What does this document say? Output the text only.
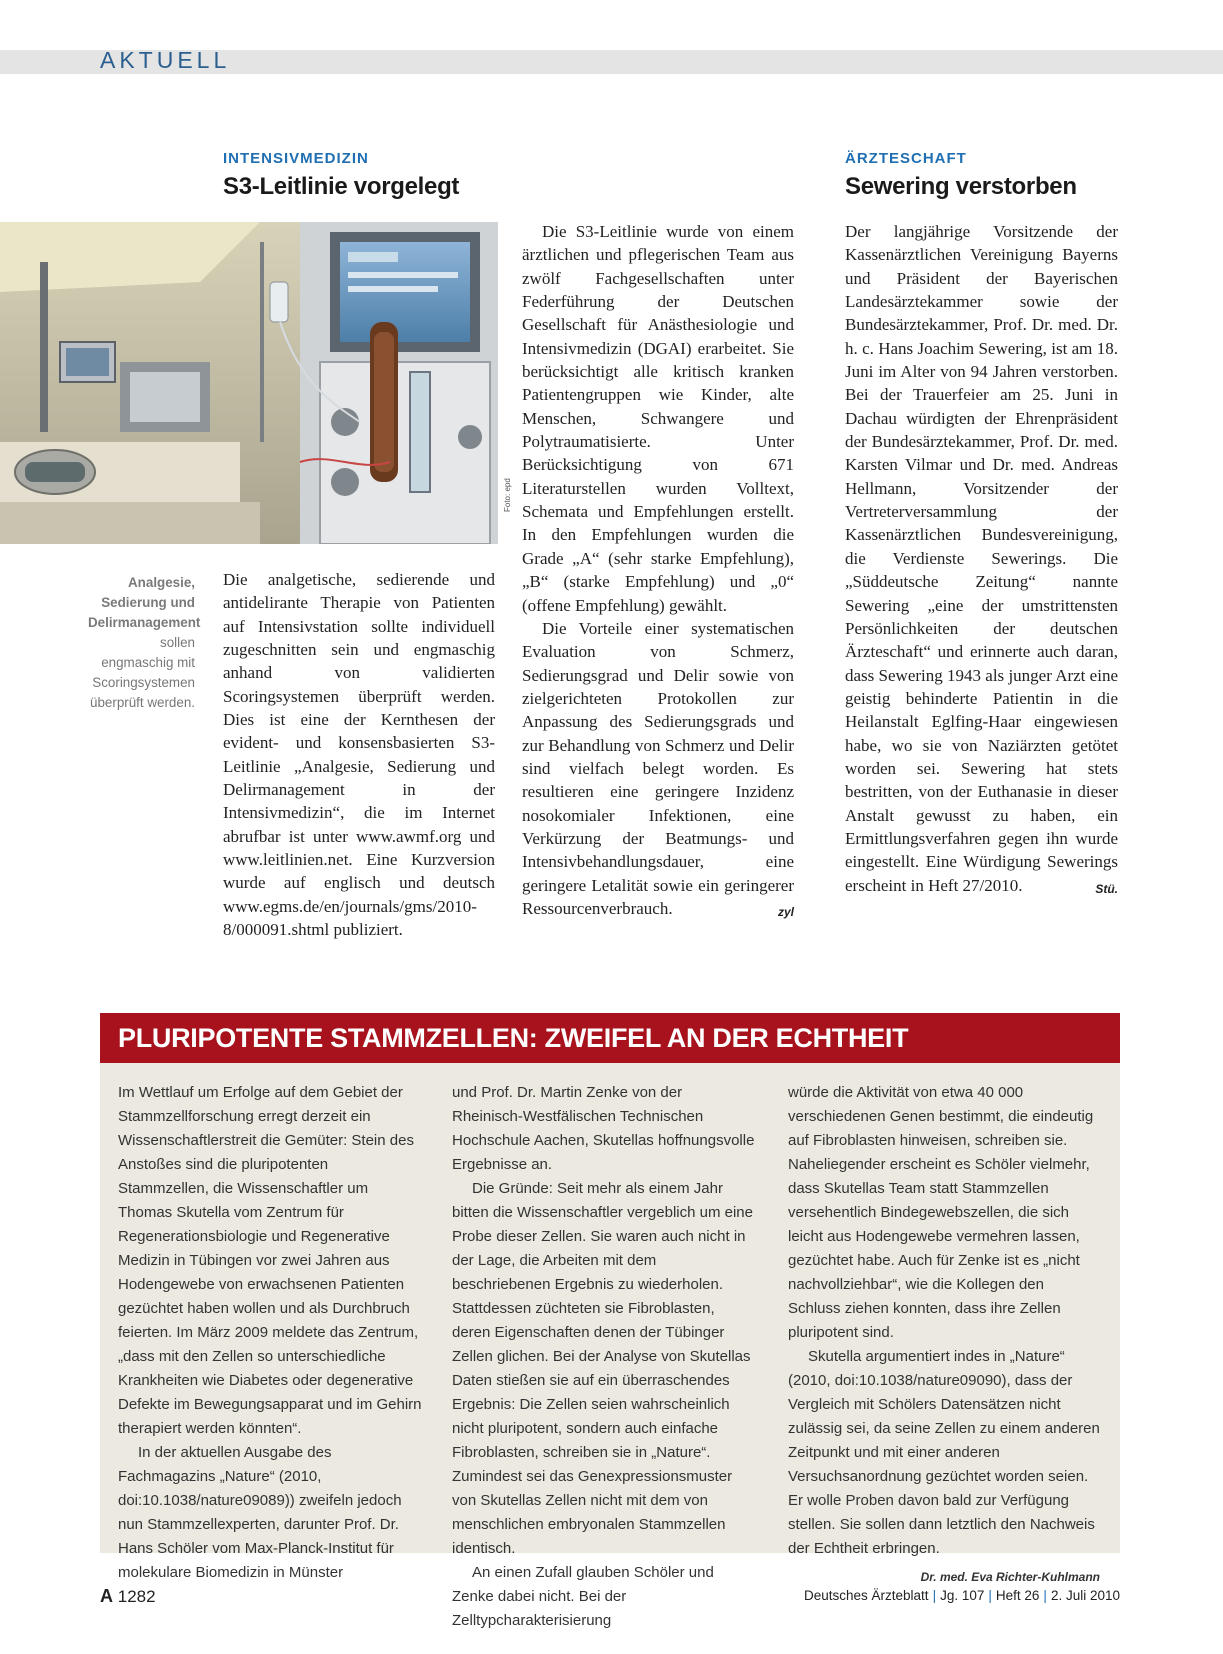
AKTUELL
INTENSIVMEDIZIN
S3-Leitlinie vorgelegt
Foto: epd
Analgesie, Sedierung und Delirmanagement sollen engmaschig mit Scoringsystemen überprüft werden.

Die analgetische, sedierende und antidelirante Therapie von Patienten auf Intensivstation sollte individuell zugeschnitten sein und engmaschig anhand von validierten Scoringsystemen überprüft werden. Dies ist eine der Kernthesen der evident- und konsensbasierten S3-Leitlinie „Analgesie, Sedierung und Delirmanagement in der Intensivmedizin“, die im Internet abrufbar ist unter www.awmf.org und www.leitlinien.net. Eine Kurzversion wurde auf englisch und deutsch www.egms.de/en/journals/gms/2010-8/000091.shtml publiziert.

Die S3-Leitlinie wurde von einem ärztlichen und pflegerischen Team aus zwölf Fachgesellschaften unter Federführung der Deutschen Gesellschaft für Anästhesiologie und Intensivmedizin (DGAI) erarbeitet. Sie berücksichtigt alle kritisch kranken Patientengruppen wie Kinder, alte Menschen, Schwangere und Polytraumatisierte. Unter Berücksichtigung von 671 Literaturstellen wurden Volltext, Schemata und Empfehlungen erstellt. In den Empfehlungen wurden die Grade „A“ (sehr starke Empfehlung), „B“ (starke Empfehlung) und „0“ (offene Empfehlung) gewählt.

Die Vorteile einer systematischen Evaluation von Schmerz, Sedierungsgrad und Delir sowie von zielgerichteten Protokollen zur Anpassung des Sedierungsgrads und zur Behandlung von Schmerz und Delir sind vielfach belegt worden. Es resultieren eine geringere Inzidenz nosokomialer Infektionen, eine Verkürzung der Beatmungs- und Intensivbehandlungsdauer, eine geringere Letalität sowie ein geringerer Ressourcenverbrauch.	zyl

ÄRZTESCHAFT
Sewering verstorben

Der langjährige Vorsitzende der Kassenärztlichen Vereinigung Bayerns und Präsident der Bayerischen Landesärztekammer sowie der Bundesärztekammer, Prof. Dr. med. Dr. h. c. Hans Joachim Sewering, ist am 18. Juni im Alter von 94 Jahren verstorben. Bei der Trauerfeier am 25. Juni in Dachau würdigten der Ehrenpräsident der Bundesärztekammer, Prof. Dr. med. Karsten Vilmar und Dr. med. Andreas Hellmann, Vorsitzender der Vertreterversammlung der Kassenärztlichen Bundesvereinigung, die Verdienste Sewerings. Die „Süddeutsche Zeitung“ nannte Sewering „eine der umstrittensten Persönlichkeiten der deutschen Ärzteschaft“ und erinnerte auch daran, dass Sewering 1943 als junger Arzt eine geistig behinderte Patientin in die Heilanstalt Eglfing-Haar eingewiesen habe, wo sie von Naziärzten getötet worden sei. Sewering hat stets bestritten, von der Euthanasie in dieser Anstalt gewusst zu haben, ein Ermittlungsverfahren gegen ihn wurde eingestellt. Eine Würdigung Sewerings erscheint in Heft 27/2010.	Stü.

PLURIPOTENTE STAMMZELLEN: ZWEIFEL AN DER ECHTHEIT

Im Wettlauf um Erfolge auf dem Gebiet der Stammzellforschung erregt derzeit ein Wissenschaftlerstreit die Gemüter: Stein des Anstoßes sind die pluripotenten Stammzellen, die Wissenschaftler um Thomas Skutella vom Zentrum für Regenerationsbiologie und Regenerative Medizin in Tübingen vor zwei Jahren aus Hodengewebe von erwachsenen Patienten gezüchtet haben wollen und als Durchbruch feierten. Im März 2009 meldete das Zentrum, „dass mit den Zellen so unterschiedliche Krankheiten wie Diabetes oder degenerative Defekte im Bewegungsapparat und im Gehirn therapiert werden könnten“.

In der aktuellen Ausgabe des Fachmagazins „Nature“ (2010, doi:10.1038/nature09089)) zweifeln jedoch nun Stammzellexperten, darunter Prof. Dr. Hans Schöler vom Max-Planck-Institut für molekulare Biomedizin in Münster

und Prof. Dr. Martin Zenke von der Rheinisch-Westfälischen Technischen Hochschule Aachen, Skutellas hoffnungsvolle Ergebnisse an.

Die Gründe: Seit mehr als einem Jahr bitten die Wissenschaftler vergeblich um eine Probe dieser Zellen. Sie waren auch nicht in der Lage, die Arbeiten mit dem beschriebenen Ergebnis zu wiederholen. Stattdessen züchteten sie Fibroblasten, deren Eigenschaften denen der Tübinger Zellen glichen. Bei der Analyse von Skutellas Daten stießen sie auf ein überraschendes Ergebnis: Die Zellen seien wahrscheinlich nicht pluripotent, sondern auch einfache Fibroblasten, schreiben sie in „Nature“. Zumindest sei das Genexpressionsmuster von Skutellas Zellen nicht mit dem von menschlichen embryonalen Stammzellen identisch.

An einen Zufall glauben Schöler und Zenke dabei nicht. Bei der Zelltypcharakterisierung

würde die Aktivität von etwa 40 000 verschiedenen Genen bestimmt, die eindeutig auf Fibroblasten hinweisen, schreiben sie. Naheliegender erscheint es Schöler vielmehr, dass Skutellas Team statt Stammzellen versehentlich Bindegewebszellen, die sich leicht aus Hodengewebe vermehren lassen, gezüchtet habe. Auch für Zenke ist es „nicht nachvollziehbar“, wie die Kollegen den Schluss ziehen konnten, dass ihre Zellen pluripotent sind.

Skutella argumentiert indes in „Nature“ (2010, doi:10.1038/nature09090), dass der Vergleich mit Schölers Datensätzen nicht zulässig sei, da seine Zellen zu einem anderen Zeitpunkt und mit einer anderen Versuchsanordnung gezüchtet worden seien. Er wolle Proben davon bald zur Verfügung stellen. Sie sollen dann letztlich den Nachweis der Echtheit erbringen.
Dr. med. Eva Richter-Kuhlmann

A 1282	Deutsches Ärzteblatt | Jg. 107 | Heft 26 | 2. Juli 2010
